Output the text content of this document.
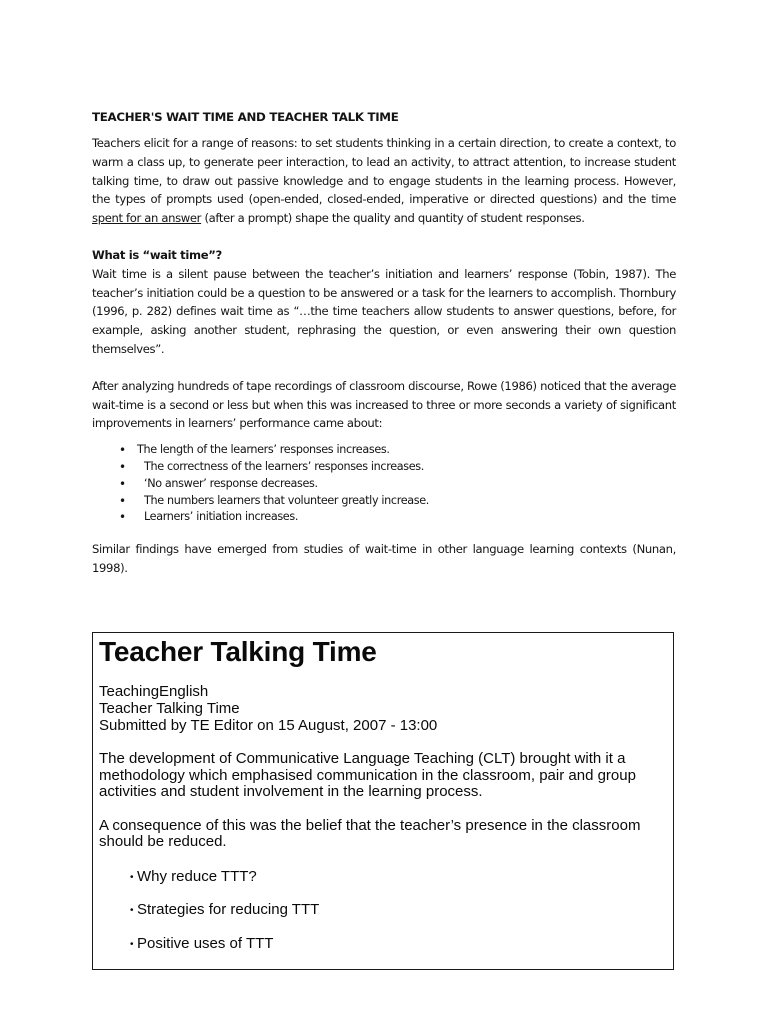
TEACHER'S WAIT TIME AND TEACHER TALK TIME

Teachers elicit for a range of reasons: to set students thinking in a certain direction, to create a context, to warm a class up, to generate peer interaction, to lead an activity, to attract attention, to increase student talking time, to draw out passive knowledge and to engage students in the learning process. However, the types of prompts used (open-ended, closed-ended, imperative or directed questions) and the time spent for an answer (after a prompt) shape the quality and quantity of student responses.

What is “wait time”?

Wait time is a silent pause between the teacher’s initiation and learners’ response (Tobin, 1987). The teacher’s initiation could be a question to be answered or a task for the learners to accomplish. Thornbury (1996, p. 282) defines wait time as “…the time teachers allow students to answer questions, before, for example, asking another student, rephrasing the question, or even answering their own question themselves”.

After analyzing hundreds of tape recordings of classroom discourse, Rowe (1986) noticed that the average wait-time is a second or less but when this was increased to three or more seconds a variety of significant improvements in learners’ performance came about:

• The length of the learners’ responses increases.
• The correctness of the learners’ responses increases.
• ‘No answer’ response decreases.
• The numbers learners that volunteer greatly increase.
• Learners’ initiation increases.

Similar findings have emerged from studies of wait-time in other language learning contexts (Nunan, 1998).

Teacher Talking Time
TeachingEnglish
Teacher Talking Time
Submitted by TE Editor on 15 August, 2007 - 13:00

The development of Communicative Language Teaching (CLT) brought with it a methodology which emphasised communication in the classroom, pair and group activities and student involvement in the learning process.

A consequence of this was the belief that the teacher’s presence in the classroom should be reduced.

• Why reduce TTT?
• Strategies for reducing TTT
• Positive uses of TTT
